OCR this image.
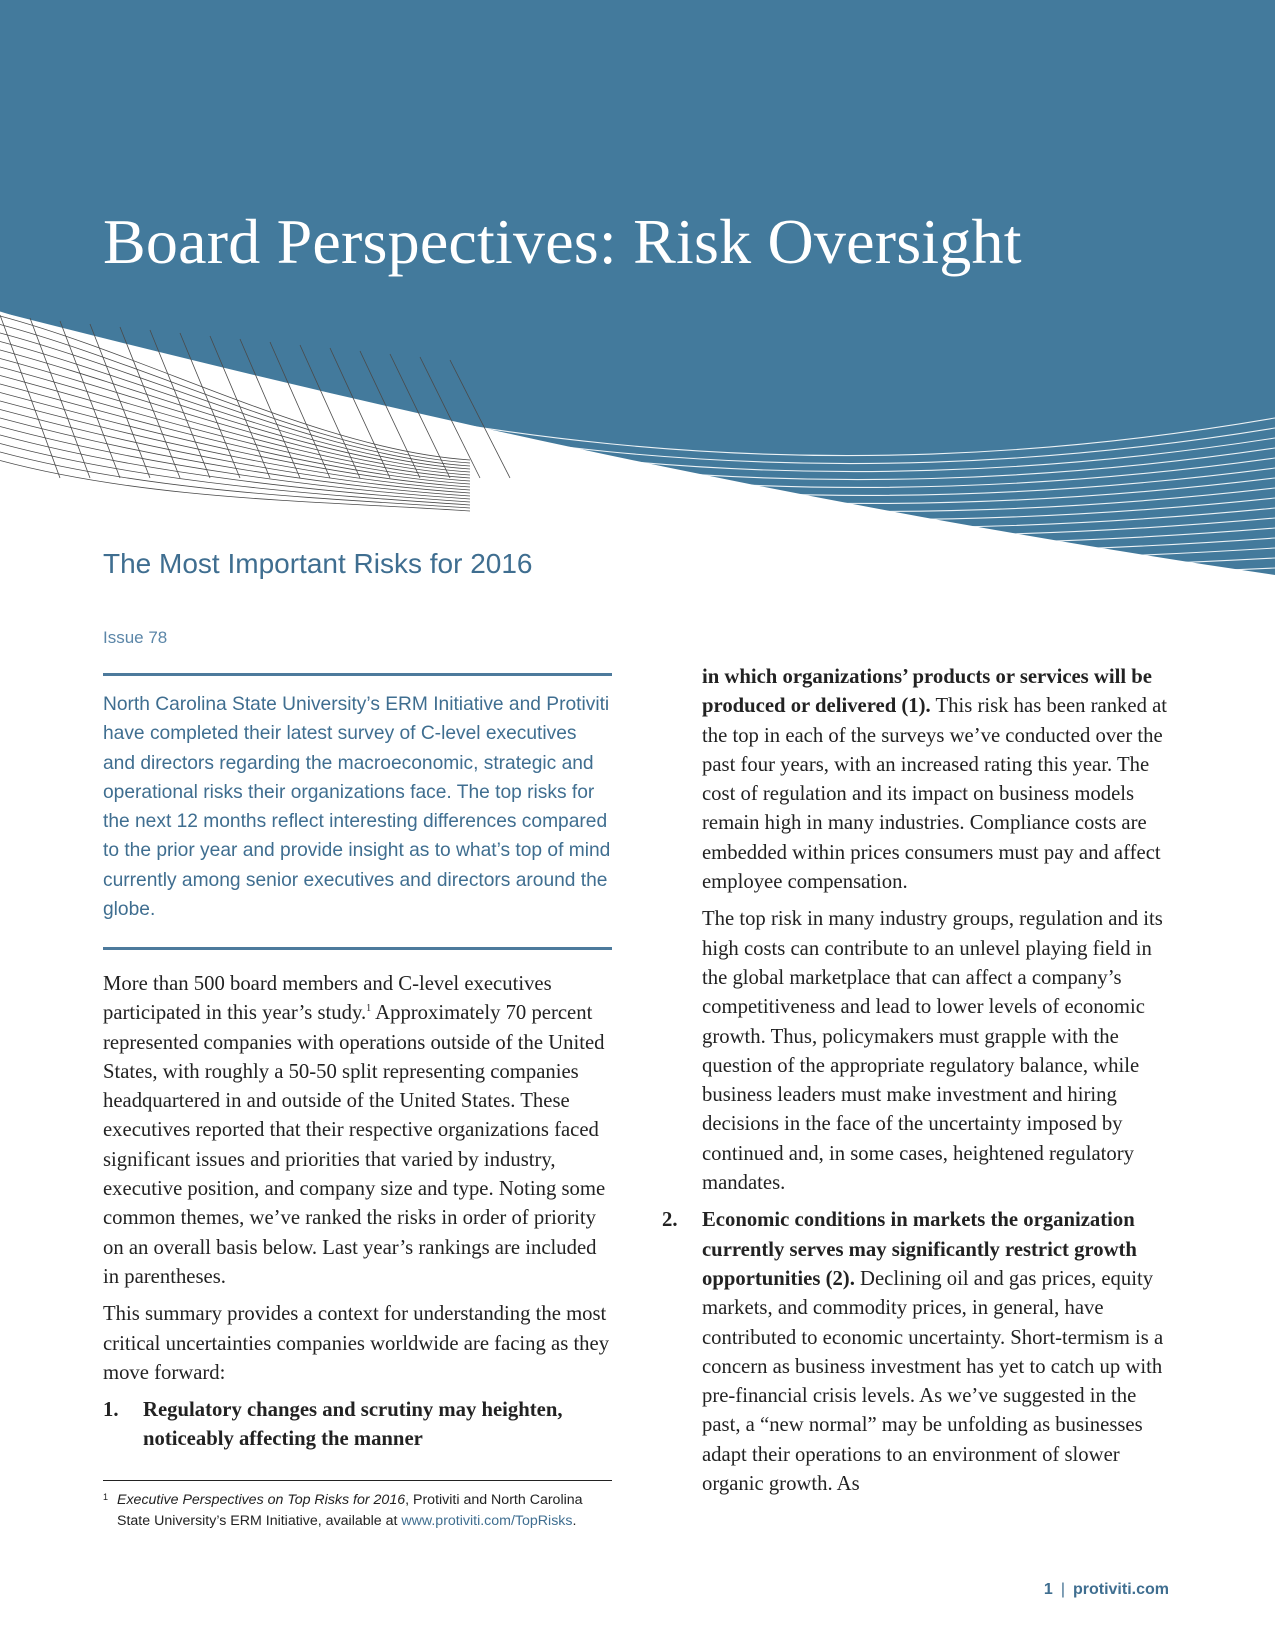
Board Perspectives: Risk Oversight
The Most Important Risks for 2016
Issue 78

North Carolina State University’s ERM Initiative and Protiviti have completed their latest survey of C-level executives and directors regarding the macroeconomic, strategic and operational risks their organizations face. The top risks for the next 12 months reflect interesting differences compared to the prior year and provide insight as to what’s top of mind currently among senior executives and directors around the globe.

More than 500 board members and C-level executives participated in this year’s study.$^1$ Approximately 70 percent represented companies with operations outside of the United States, with roughly a 50-50 split representing companies headquartered in and outside of the United States. These executives reported that their respective organizations faced significant issues and priorities that varied by industry, executive position, and company size and type. Noting some common themes, we’ve ranked the risks in order of priority on an overall basis below. Last year’s rankings are included in parentheses.

This summary provides a context for understanding the most critical uncertainties companies worldwide are facing as they move forward:

1. Regulatory changes and scrutiny may heighten, noticeably affecting the manner

in which organizations’ products or services will be produced or delivered (1). This risk has been ranked at the top in each of the surveys we’ve conducted over the past four years, with an increased rating this year. The cost of regulation and its impact on business models remain high in many industries. Compliance costs are embedded within prices consumers must pay and affect employee compensation.

The top risk in many industry groups, regulation and its high costs can contribute to an unlevel playing field in the global marketplace that can affect a company’s competitiveness and lead to lower levels of economic growth. Thus, policymakers must grapple with the question of the appropriate regulatory balance, while business leaders must make investment and hiring decisions in the face of the uncertainty imposed by continued and, in some cases, heightened regulatory mandates.

2. Economic conditions in markets the organization currently serves may significantly restrict growth opportunities (2). Declining oil and gas prices, equity markets, and commodity prices, in general, have contributed to economic uncertainty. Short-termism is a concern as business investment has yet to catch up with pre-financial crisis levels. As we’ve suggested in the past, a “new normal” may be unfolding as businesses adapt their operations to an environment of slower organic growth. As
1 Executive Perspectives on Top Risks for 2016, Protiviti and North Carolina State University’s ERM Initiative, available at www.protiviti.com/TopRisks.
1 | protiviti.com
